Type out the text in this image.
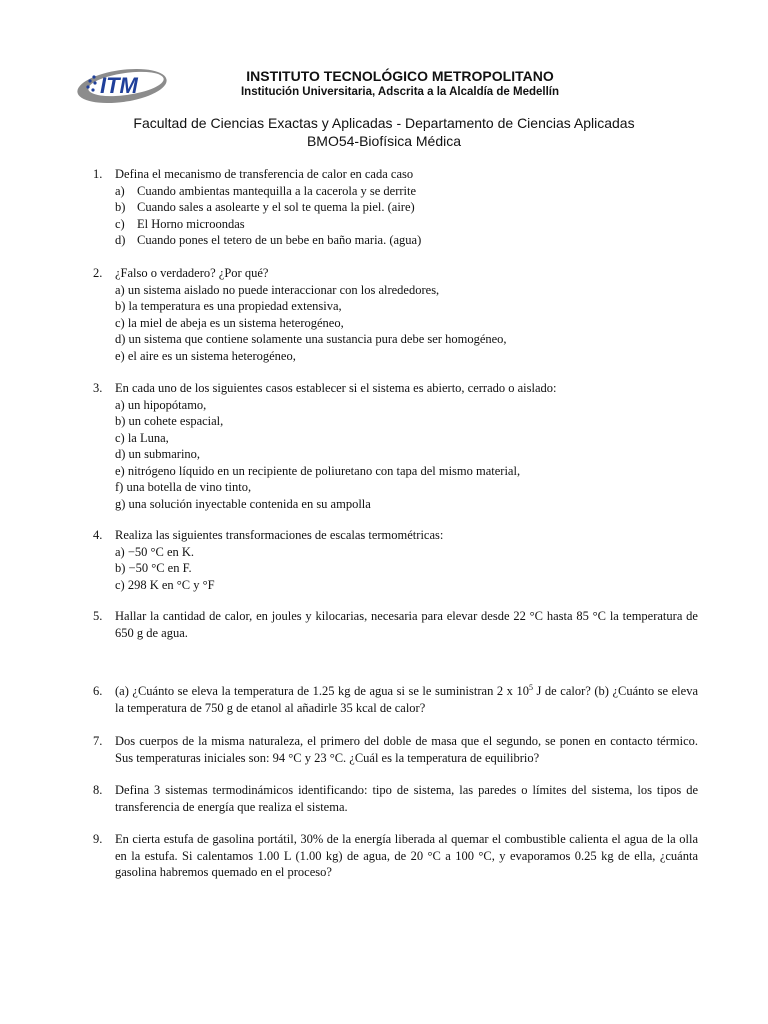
ITM	INSTITUTO TECNOLÓGICO METROPOLITANO
Institución Universitaria, Adscrita a la Alcaldía de Medellín
Facultad de Ciencias Exactas y Aplicadas - Departamento de Ciencias Aplicadas
BMO54-Biofísica Médica
1. Defina el mecanismo de transferencia de calor en cada caso

a) Cuando ambientas mantequilla a la cacerola y se derrite
b) Cuando sales a asolearte y el sol te quema la piel. (aire)
c) El Horno microondas
d) Cuando pones el tetero de un bebe en baño maria. (agua)
2. ¿Falso o verdadero? ¿Por qué?

a) un sistema aislado no puede interaccionar con los alrededores,

b) la temperatura es una propiedad extensiva,

c) la miel de abeja es un sistema heterogéneo,

d) un sistema que contiene solamente una sustancia pura debe ser homogéneo,

e) el aire es un sistema heterogéneo,

3. En cada uno de los siguientes casos establecer si el sistema es abierto, cerrado o aislado:

a) un hipopótamo,

b) un cohete espacial,

c) la Luna,

d) un submarino,

e) nitrógeno líquido en un recipiente de poliuretano con tapa del mismo material,

f) una botella de vino tinto,

g) una solución inyectable contenida en su ampolla

4. Realiza las siguientes transformaciones de escalas termométricas:

a) −50 °C en K.

b) −50 °C en F.

c) 298 K en °C y °F

5. Hallar la cantidad de calor, en joules y kilocarias, necesaria para elevar desde 22 °C hasta 85 °C la temperatura de 650 g de agua.

6. (a) ¿Cuánto se eleva la temperatura de 1.25 kg de agua si se le suministran 2 x $10^5$ J de calor? (b) ¿Cuánto se eleva la temperatura de 750 g de etanol al añadirle 35 kcal de calor?

7. Dos cuerpos de la misma naturaleza, el primero del doble de masa que el segundo, se ponen en contacto térmico. Sus temperaturas iniciales son: 94 °C y 23 °C. ¿Cuál es la temperatura de equilibrio?

8. Defina 3 sistemas termodinámicos identificando: tipo de sistema, las paredes o límites del sistema, los tipos de transferencia de energía que realiza el sistema.

9. En cierta estufa de gasolina portátil, 30% de la energía liberada al quemar el combustible calienta el agua de la olla en la estufa. Si calentamos 1.00 L (1.00 kg) de agua, de 20 °C a 100 °C, y evaporamos 0.25 kg de ella, ¿cuánta gasolina habremos quemado en el proceso?
